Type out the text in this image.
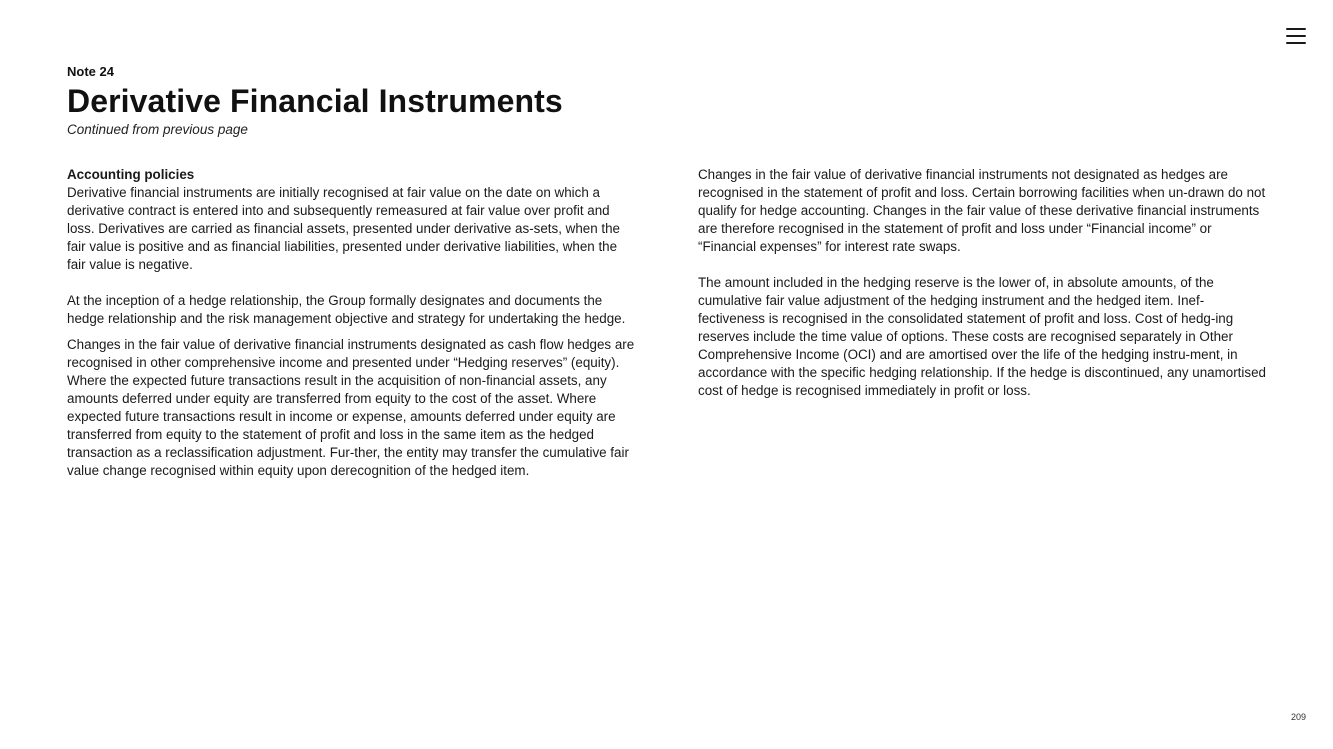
Note 24

Derivative Financial Instruments

Continued from previous page

Accounting policies

Derivative financial instruments are initially recognised at fair value on the date on which a derivative contract is entered into and subsequently remeasured at fair value over profit and loss. Derivatives are carried as financial assets, presented under derivative as-sets, when the fair value is positive and as financial liabilities, presented under derivative liabilities, when the fair value is negative.

At the inception of a hedge relationship, the Group formally designates and documents the hedge relationship and the risk management objective and strategy for undertaking the hedge.

Changes in the fair value of derivative financial instruments designated as cash flow hedges are recognised in other comprehensive income and presented under “Hedging reserves” (equity). Where the expected future transactions result in the acquisition of non-financial assets, any amounts deferred under equity are transferred from equity to the cost of the asset. Where expected future transactions result in income or expense, amounts deferred under equity are transferred from equity to the statement of profit and loss in the same item as the hedged transaction as a reclassification adjustment. Fur-ther, the entity may transfer the cumulative fair value change recognised within equity upon derecognition of the hedged item.

Changes in the fair value of derivative financial instruments not designated as hedges are recognised in the statement of profit and loss. Certain borrowing facilities when un-drawn do not qualify for hedge accounting. Changes in the fair value of these derivative financial instruments are therefore recognised in the statement of profit and loss under “Financial income” or “Financial expenses” for interest rate swaps.

The amount included in the hedging reserve is the lower of, in absolute amounts, of the cumulative fair value adjustment of the hedging instrument and the hedged item. Inef-fectiveness is recognised in the consolidated statement of profit and loss. Cost of hedg-ing reserves include the time value of options. These costs are recognised separately in Other Comprehensive Income (OCI) and are amortised over the life of the hedging instru-ment, in accordance with the specific hedging relationship. If the hedge is discontinued, any unamortised cost of hedge is recognised immediately in profit or loss.

209
